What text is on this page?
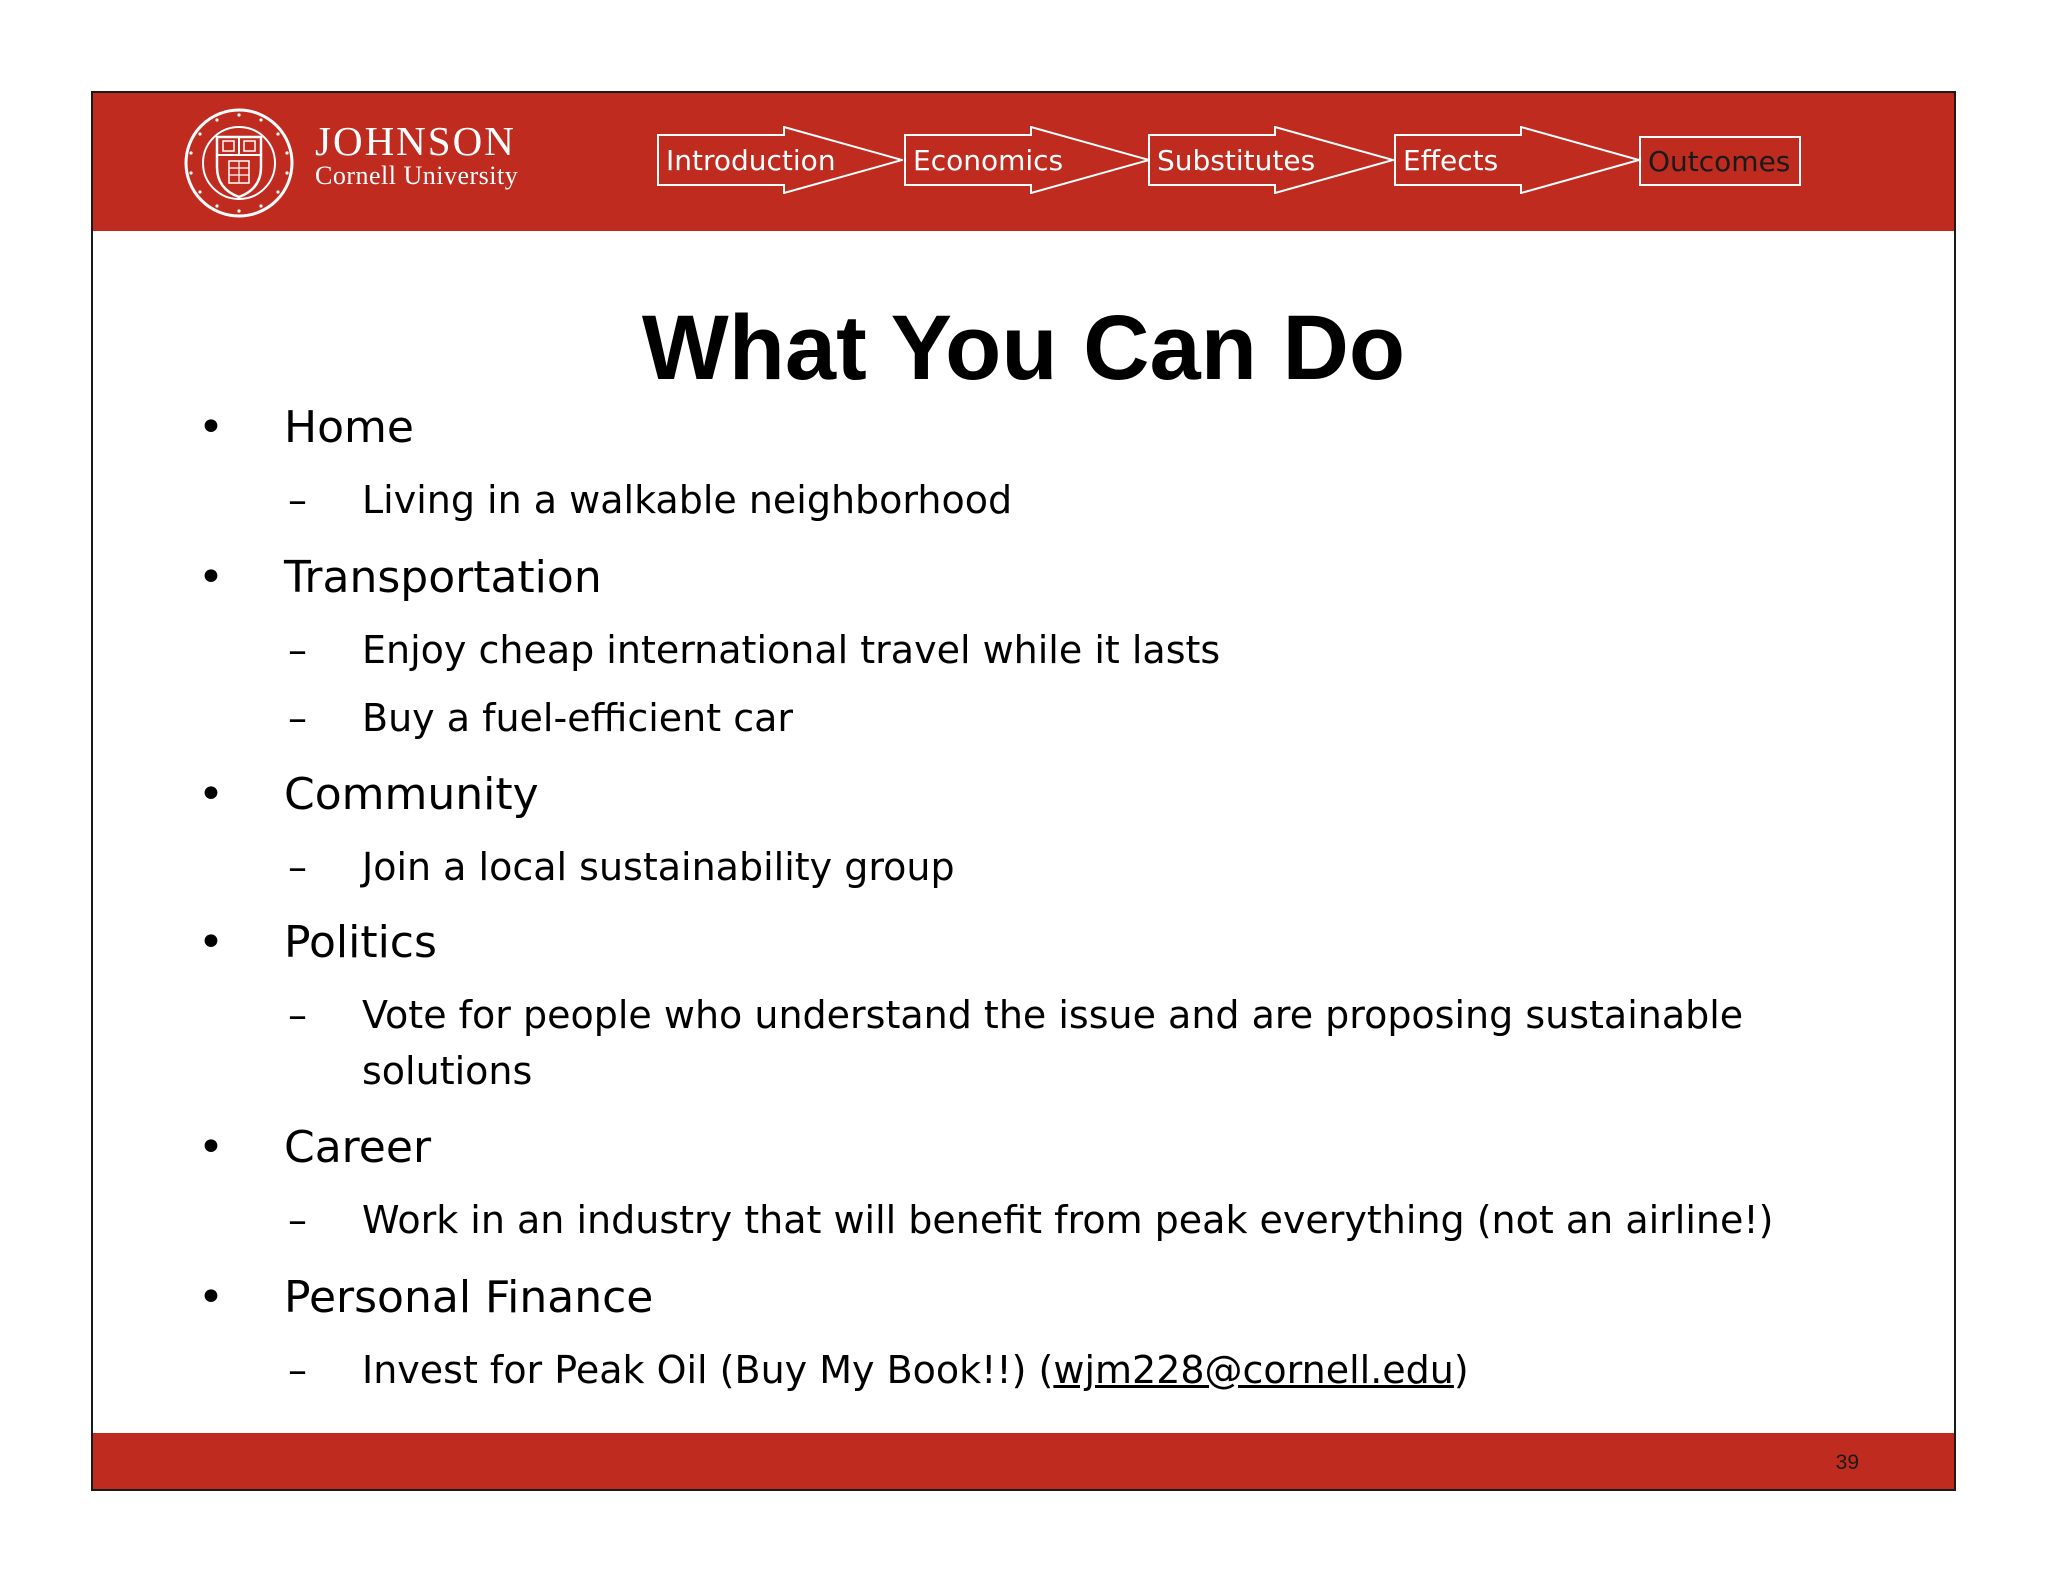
JOHNSON
Cornell University	Introduction	Economics	Substitutes	Effects	Outcomes
What You Can Do
•	Home
– Living in a walkable neighborhood
•	Transportation
– Enjoy cheap international travel while it lasts
– Buy a fuel-efficient car
•	Community
– Join a local sustainability group
•	Politics
– Vote for people who understand the issue and are proposing sustainable solutions
•	Career
– Work in an industry that will benefit from peak everything (not an airline!)
•	Personal Finance
– Invest for Peak Oil (Buy My Book!!) (wjm228@cornell.edu)
39
